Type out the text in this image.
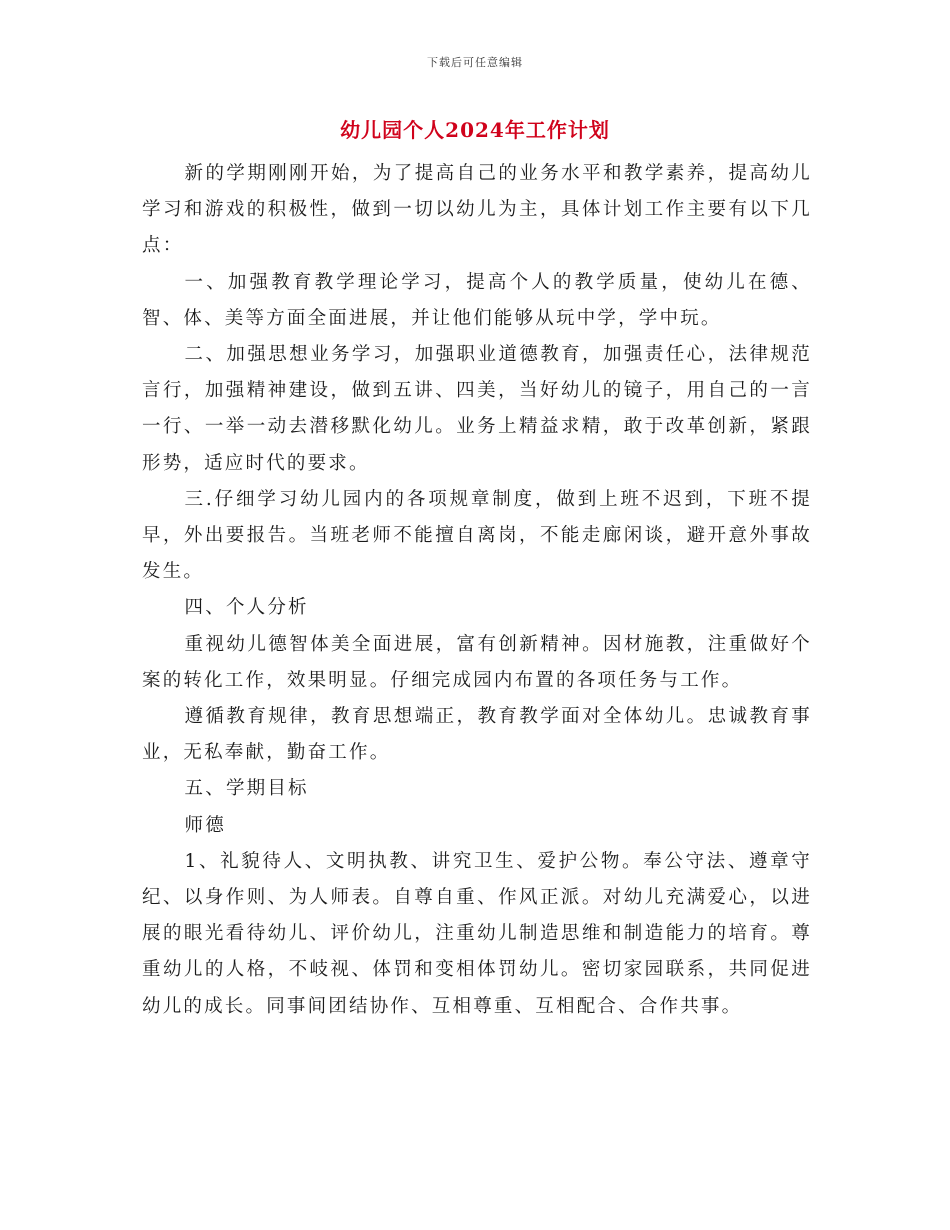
下载后可任意编辑
幼儿园个人2024年工作计划

新的学期刚刚开始，为了提高自己的业务水平和教学素养，提高幼儿学习和游戏的积极性，做到一切以幼儿为主，具体计划工作主要有以下几点：

一、加强教育教学理论学习，提高个人的教学质量，使幼儿在德、智、体、美等方面全面进展，并让他们能够从玩中学，学中玩。

二、加强思想业务学习，加强职业道德教育，加强责任心，法律规范言行，加强精神建设，做到五讲、四美，当好幼儿的镜子，用自己的一言一行、一举一动去潜移默化幼儿。业务上精益求精，敢于改革创新，紧跟形势，适应时代的要求。

三.仔细学习幼儿园内的各项规章制度，做到上班不迟到，下班不提早，外出要报告。当班老师不能擅自离岗，不能走廊闲谈，避开意外事故发生。

四、个人分析

重视幼儿德智体美全面进展，富有创新精神。因材施教，注重做好个案的转化工作，效果明显。仔细完成园内布置的各项任务与工作。

遵循教育规律，教育思想端正，教育教学面对全体幼儿。忠诚教育事业，无私奉献，勤奋工作。

五、学期目标

师德

1、礼貌待人、文明执教、讲究卫生、爱护公物。奉公守法、遵章守纪、以身作则、为人师表。自尊自重、作风正派。对幼儿充满爱心，以进展的眼光看待幼儿、评价幼儿，注重幼儿制造思维和制造能力的培育。尊重幼儿的人格，不岐视、体罚和变相体罚幼儿。密切家园联系，共同促进幼儿的成长。同事间团结协作、互相尊重、互相配合、合作共事。
